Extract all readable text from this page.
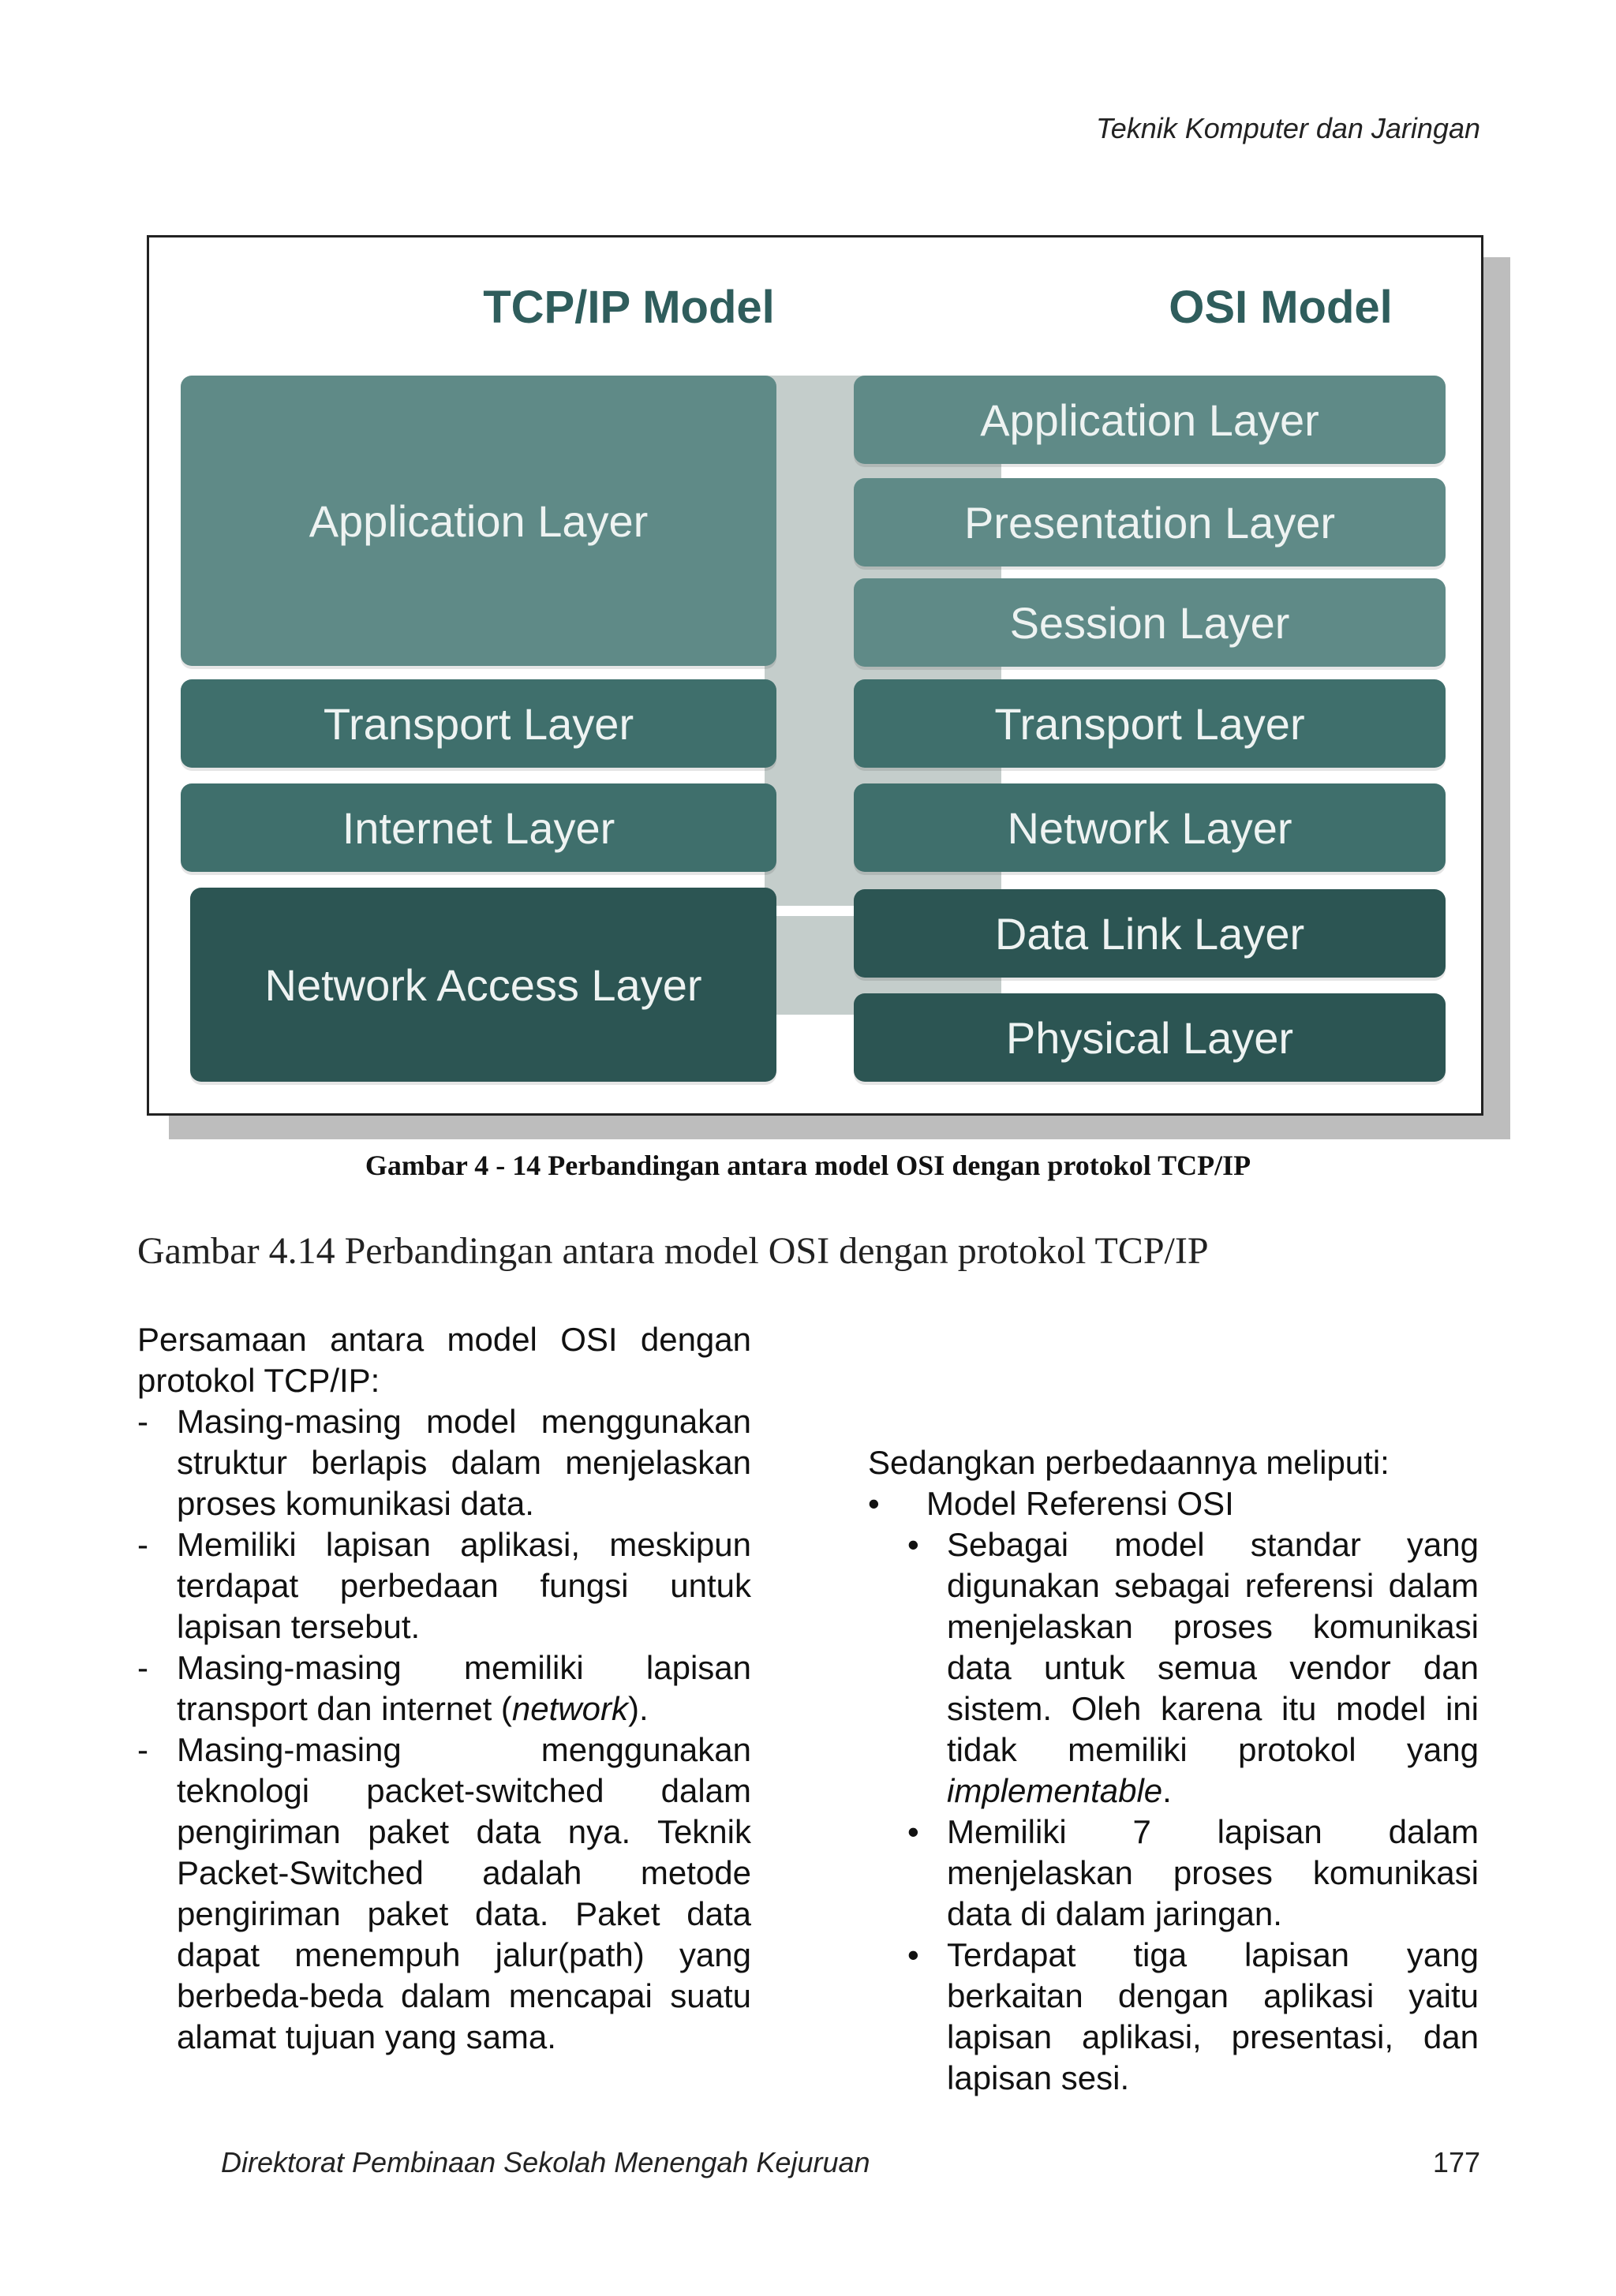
Teknik Komputer dan Jaringan
TCP/IP Model	OSI Model
Application Layer
Transport Layer
Internet Layer
Network Access Layer
Application Layer
Presentation Layer
Session Layer
Transport Layer
Network Layer
Data Link Layer
Physical Layer
Gambar 4 - 14 Perbandingan antara model OSI dengan protokol TCP/IP
Gambar 4.14 Perbandingan antara model OSI dengan protokol TCP/IP

Persamaan antara model OSI dengan protokol TCP/IP:

- Masing-masing model menggunakan struktur berlapis dalam menjelaskan proses komunikasi data.
- Memiliki lapisan aplikasi, meskipun terdapat perbedaan fungsi untuk lapisan tersebut.
- Masing-masing memiliki lapisan transport dan internet (network).
- Masing-masing menggunakan teknologi packet-switched dalam pengiriman paket data nya. Teknik Packet-Switched adalah metode pengiriman paket data. Paket data dapat menempuh jalur(path) yang berbeda-beda dalam mencapai suatu alamat tujuan yang sama.

Sedangkan perbedaannya meliputi:

• Model Referensi OSI
• Sebagai model standar yang digunakan sebagai referensi dalam menjelaskan proses komunikasi data untuk semua vendor dan sistem. Oleh karena itu model ini tidak memiliki protokol yang implementable.
• Memiliki 7 lapisan dalam menjelaskan proses komunikasi data di dalam jaringan.
• Terdapat tiga lapisan yang berkaitan dengan aplikasi yaitu lapisan aplikasi, presentasi, dan lapisan sesi.
Direktorat Pembinaan Sekolah Menengah Kejuruan	177
